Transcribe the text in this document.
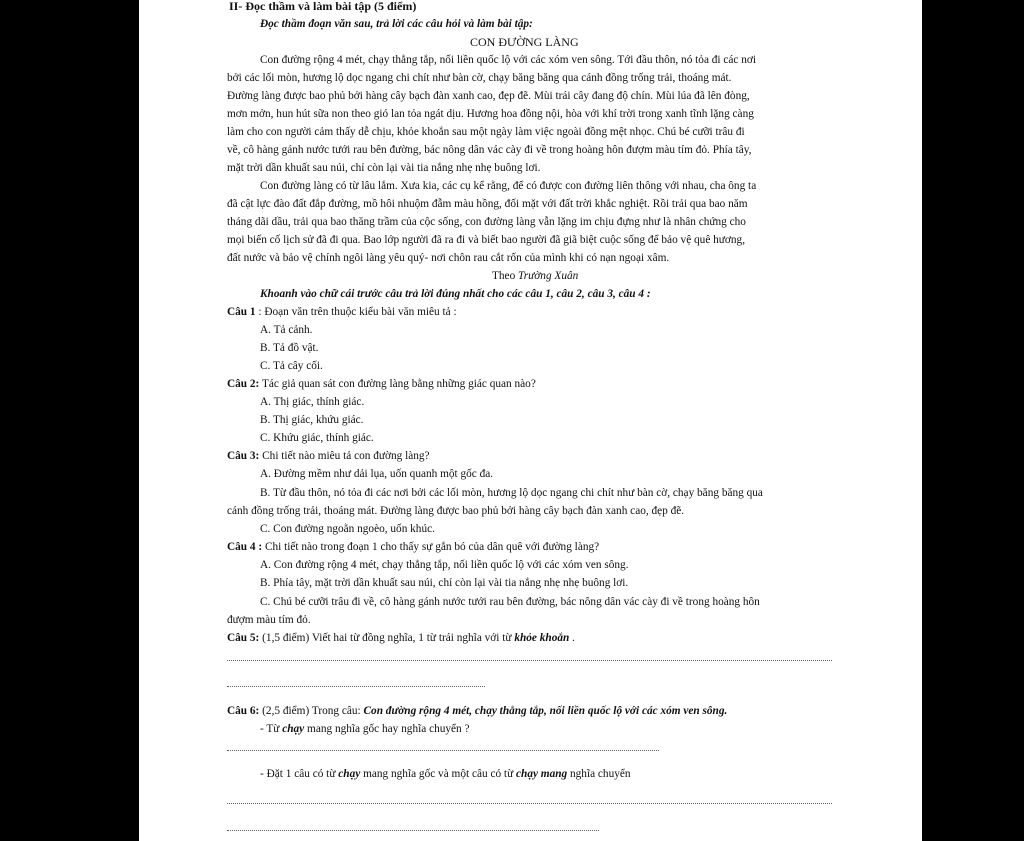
II- Đọc thầm và làm bài tập (5 điểm)
Đọc thầm đoạn văn sau, trả lời các câu hỏi và làm bài tập:
CON ĐƯỜNG LÀNG
Con đường rộng 4 mét, chạy thẳng tắp, nối liền quốc lộ với các xóm ven sông. Tới đầu thôn, nó tỏa đi các nơi
bởi các lối mòn, hương lộ dọc ngang chi chít như bàn cờ, chạy băng băng qua cánh đồng trống trải, thoáng mát.
Đường làng được bao phủ bởi hàng cây bạch đàn xanh cao, đẹp đẽ. Mùi trái cây đang độ chín. Mùi lúa đã lên đòng,
mơn mởn, hun hút sữa non theo gió lan tỏa ngát dịu. Hương hoa đồng nội, hòa với khí trời trong xanh tĩnh lặng càng
làm cho con người cảm thấy dễ chịu, khỏe khoắn sau một ngày làm việc ngoài đồng mệt nhọc. Chú bé cưỡi trâu đi
về, cô hàng gánh nước tưới rau bên đường, bác nông dân vác cày đi về trong hoàng hôn đượm màu tím đỏ. Phía tây,
mặt trời dần khuất sau núi, chỉ còn lại vài tia nắng nhẹ nhẹ buông lơi.
Con đường làng có từ lâu lắm. Xưa kia, các cụ kể rằng, để có được con đường liên thông với nhau, cha ông ta
đã cật lực đào đất đắp đường, mồ hôi nhuộm đẫm màu hồng, đối mặt với đất trời khắc nghiệt. Rồi trải qua bao năm
tháng dãi dầu, trải qua bao thăng trầm của cộc sống, con đường làng vẫn lặng im chịu đựng như là nhân chứng cho
mọi biến cố lịch sử đã đi qua. Bao lớp người đã ra đi và biết bao người đã giã biệt cuộc sống để bảo vệ quê hương,
đất nước và bảo vệ chính ngôi làng yêu quý- nơi chôn rau cắt rốn của mình khi có nạn ngoại xâm.
Theo Trường Xuân
Khoanh vào chữ cái trước câu trả lời đúng nhất cho các câu 1, câu 2, câu 3, câu 4 :
Câu 1 : Đoạn văn trên thuộc kiểu bài văn miêu tả :
A. Tả cảnh.
B. Tả đồ vật.
C. Tả cây cối.
Câu 2: Tác giả quan sát con đường làng bằng những giác quan nào?
A. Thị giác, thính giác.
B. Thị giác, khứu giác.
C. Khứu giác, thính giác.
Câu 3: Chi tiết nào miêu tả con đường làng?
A. Đường mềm như dải lụa, uốn quanh một gốc đa.
B. Từ đầu thôn, nó tỏa đi các nơi bởi các lối mòn, hương lộ dọc ngang chi chít như bàn cờ, chạy băng băng qua
cánh đồng trống trải, thoáng mát. Đường làng được bao phủ bởi hàng cây bạch đàn xanh cao, đẹp đẽ.
C. Con đường ngoằn ngoèo, uốn khúc.
Câu 4 : Chi tiết nào trong đoạn 1 cho thấy sự gắn bó của dân quê với đường làng?
A. Con đường rộng 4 mét, chạy thẳng tắp, nối liền quốc lộ với các xóm ven sông.
B. Phía tây, mặt trời dần khuất sau núi, chỉ còn lại vài tia nắng nhẹ nhẹ buông lơi.
C. Chú bé cưỡi trâu đi về, cô hàng gánh nước tưới rau bên đường, bác nông dân vác cày đi về trong hoàng hôn
đượm màu tím đỏ.
Câu 5: (1,5 điểm) Viết hai từ đồng nghĩa, 1 từ trái nghĩa với từ khỏe khoắn .
Câu 6: (2,5 điểm) Trong câu: Con đường rộng 4 mét, chạy thẳng tắp, nối liền quốc lộ với các xóm ven sông.
- Từ chạy mang nghĩa gốc hay nghĩa chuyển ?
- Đặt 1 câu có từ chạy mang nghĩa gốc và một câu có từ chạy mang nghĩa chuyển
